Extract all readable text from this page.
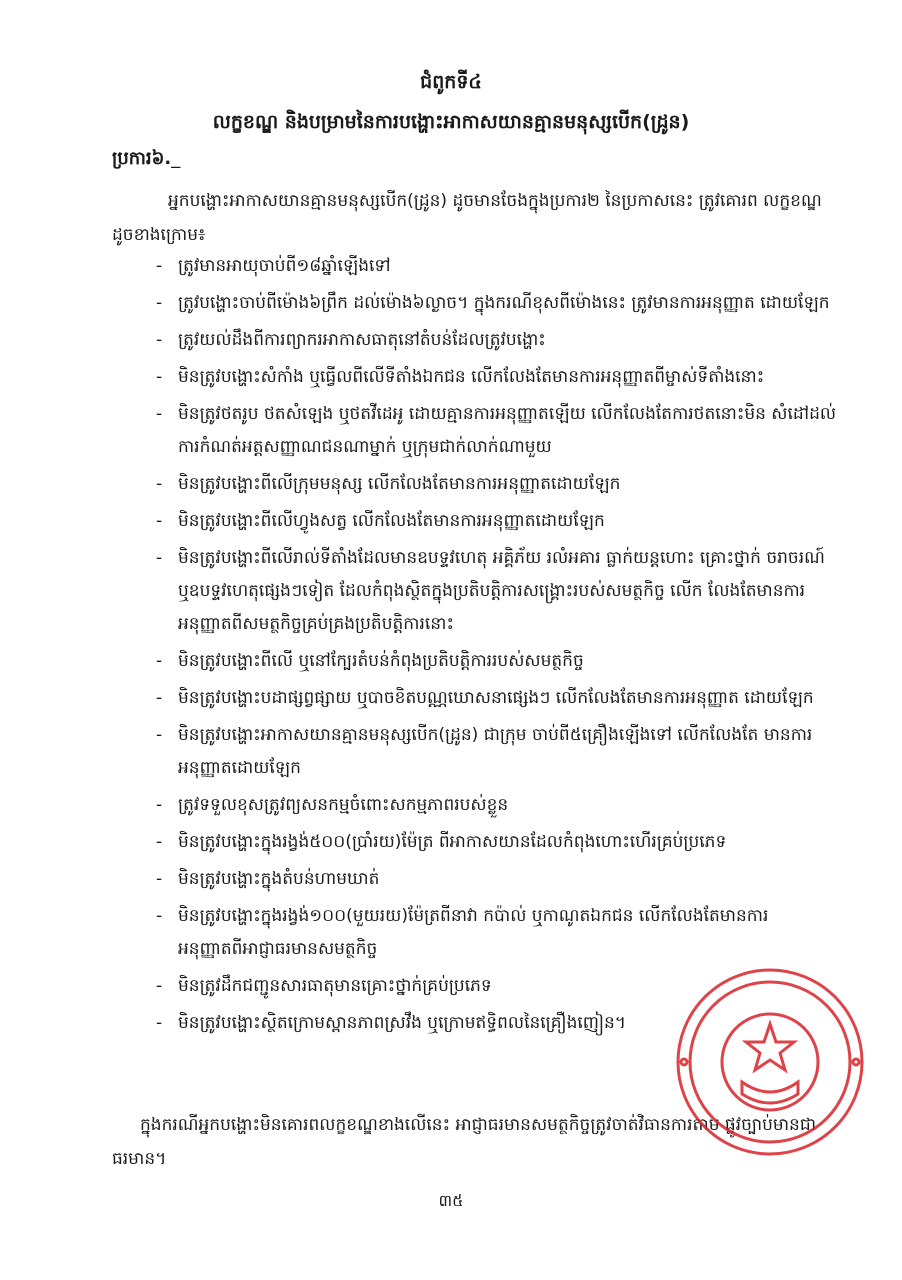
ជំពូកទី៤
លក្ខខណ្ឌ និងបម្រាមនៃការបង្ហោះអាកាសយានគ្មានមនុស្សបើក(ដ្រូន)
ប្រការ៦._
អ្នកបង្ហោះអាកាសយានគ្មានមនុស្សបើក(ដ្រូន) ដូចមានចែងក្នុងប្រការ២ នៃប្រកាសនេះ ត្រូវគោរព លក្ខខណ្ឌដូចខាងក្រោម៖
- ត្រូវមានអាយុចាប់ពី១៨ឆ្នាំឡើងទៅ
- ត្រូវបង្ហោះចាប់ពីម៉ោង៦ព្រឹក ដល់ម៉ោង៦ល្ងាច។ ក្នុងករណីខុសពីម៉ោងនេះ ត្រូវមានការអនុញ្ញាត ដោយឡែក
- ត្រូវយល់ដឹងពីការព្យាករអាកាសធាតុនៅតំបន់ដែលត្រូវបង្ហោះ
- មិនត្រូវបង្ហោះសំកាំង ឬធ្វើលពីលើទីតាំងឯកជន លើកលែងតែមានការអនុញ្ញាតពីម្ចាស់ទីតាំងនោះ
- មិនត្រូវថតរូប ថតសំឡេង ឬថតវីដេអូ ដោយគ្មានការអនុញ្ញាតឡើយ លើកលែងតែការថតនោះមិន សំដៅដល់ការកំណត់អត្តសញ្ញាណជនណាម្នាក់ ឬក្រុមជាក់លាក់ណាមួយ
- មិនត្រូវបង្ហោះពីលើក្រុមមនុស្ស លើកលែងតែមានការអនុញ្ញាតដោយឡែក
- មិនត្រូវបង្ហោះពីលើហ្វូងសត្វ លើកលែងតែមានការអនុញ្ញាតដោយឡែក
- មិនត្រូវបង្ហោះពីលើរាល់ទីតាំងដែលមានឧបទ្ទវហេតុ អគ្គិភ័យ រលំអគារ ធ្លាក់យន្តហោះ គ្រោះថ្នាក់ ចរាចរណ៍ ឬឧបទ្ទវហេតុផ្សេងៗទៀត ដែលកំពុងស្ថិតក្នុងប្រតិបត្តិការសង្គ្រោះរបស់សមត្ថកិច្ច លើក លែងតែមានការអនុញ្ញាតពីសមត្ថកិច្ចគ្រប់គ្រងប្រតិបត្តិការនោះ
- មិនត្រូវបង្ហោះពីលើ ឬនៅក្បែរតំបន់កំពុងប្រតិបត្តិការរបស់សមត្ថកិច្ច
- មិនត្រូវបង្ហោះបដាផ្សព្វផ្សាយ ឬបាចខិតបណ្ណឃោសនាផ្សេងៗ លើកលែងតែមានការអនុញ្ញាត ដោយឡែក
- មិនត្រូវបង្ហោះអាកាសយានគ្មានមនុស្សបើក(ដ្រូន) ជាក្រុម ចាប់ពី៥គ្រឿងឡើងទៅ លើកលែងតែ មានការអនុញ្ញាតដោយឡែក
- ត្រូវទទួលខុសត្រូវព្យសនកម្មចំពោះសកម្មភាពរបស់ខ្លួន
- មិនត្រូវបង្ហោះក្នុងរង្វង់៥០០(ប្រាំរយ)ម៉ែត្រ ពីអាកាសយានដែលកំពុងហោះហើរគ្រប់ប្រភេទ
- មិនត្រូវបង្ហោះក្នុងតំបន់ហាមឃាត់
- មិនត្រូវបង្ហោះក្នុងរង្វង់១០០(មួយរយ)ម៉ែត្រពីនាវា កប៉ាល់ ឬកាណូតឯកជន លើកលែងតែមានការ អនុញ្ញាតពីអាជ្ញាធរមានសមត្ថកិច្ច
- មិនត្រូវដឹកជញ្ជូនសារធាតុមានគ្រោះថ្នាក់គ្រប់ប្រភេទ
- មិនត្រូវបង្ហោះស្ថិតក្រោមស្ពានភាពស្រវឹង ឬក្រោមឥទ្ធិពលនៃគ្រឿងញៀន។
ក្នុងករណីអ្នកបង្ហោះមិនគោរពលក្ខខណ្ឌខាងលើនេះ អាជ្ញាធរមានសមត្ថកិច្ចត្រូវចាត់វិធានការតាម ផ្លូវច្បាប់មានជាធរមាន។
៣៥
